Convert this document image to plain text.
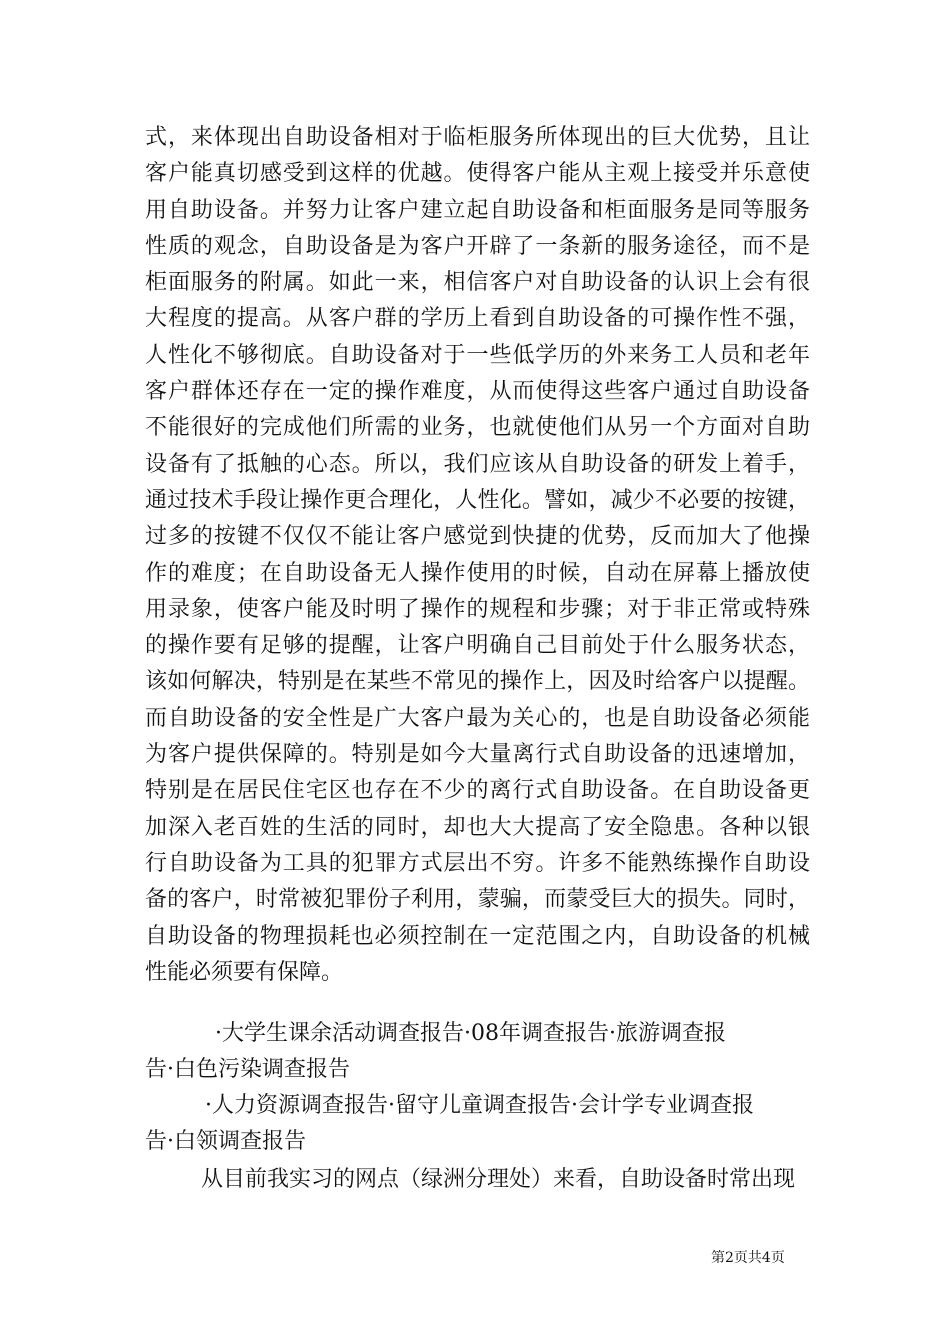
式，来体现出自助设备相对于临柜服务所体现出的巨大优势，且让
客户能真切感受到这样的优越。使得客户能从主观上接受并乐意使
用自助设备。并努力让客户建立起自助设备和柜面服务是同等服务
性质的观念，自助设备是为客户开辟了一条新的服务途径，而不是
柜面服务的附属。如此一来，相信客户对自助设备的认识上会有很
大程度的提高。从客户群的学历上看到自助设备的可操作性不强，
人性化不够彻底。自助设备对于一些低学历的外来务工人员和老年
客户群体还存在一定的操作难度，从而使得这些客户通过自助设备
不能很好的完成他们所需的业务，也就使他们从另一个方面对自助
设备有了抵触的心态。所以，我们应该从自助设备的研发上着手，
通过技术手段让操作更合理化，人性化。譬如，减少不必要的按键，
过多的按键不仅仅不能让客户感觉到快捷的优势，反而加大了他操
作的难度；在自助设备无人操作使用的时候，自动在屏幕上播放使
用录象，使客户能及时明了操作的规程和步骤；对于非正常或特殊
的操作要有足够的提醒，让客户明确自己目前处于什么服务状态，
该如何解决，特别是在某些不常见的操作上，因及时给客户以提醒。
而自助设备的安全性是广大客户最为关心的，也是自助设备必须能
为客户提供保障的。特别是如今大量离行式自助设备的迅速增加，
特别是在居民住宅区也存在不少的离行式自助设备。在自助设备更
加深入老百姓的生活的同时，却也大大提高了安全隐患。各种以银
行自助设备为工具的犯罪方式层出不穷。许多不能熟练操作自助设
备的客户，时常被犯罪份子利用，蒙骗，而蒙受巨大的损失。同时，
自助设备的物理损耗也必须控制在一定范围之内，自助设备的机械
性能必须要有保障。
·大学生课余活动调查报告·08年调查报告·旅游调查报
告·白色污染调查报告
·人力资源调查报告·留守儿童调查报告·会计学专业调查报
告·白领调查报告
从目前我实习的网点（绿洲分理处）来看，自助设备时常出现
第2页共4页
